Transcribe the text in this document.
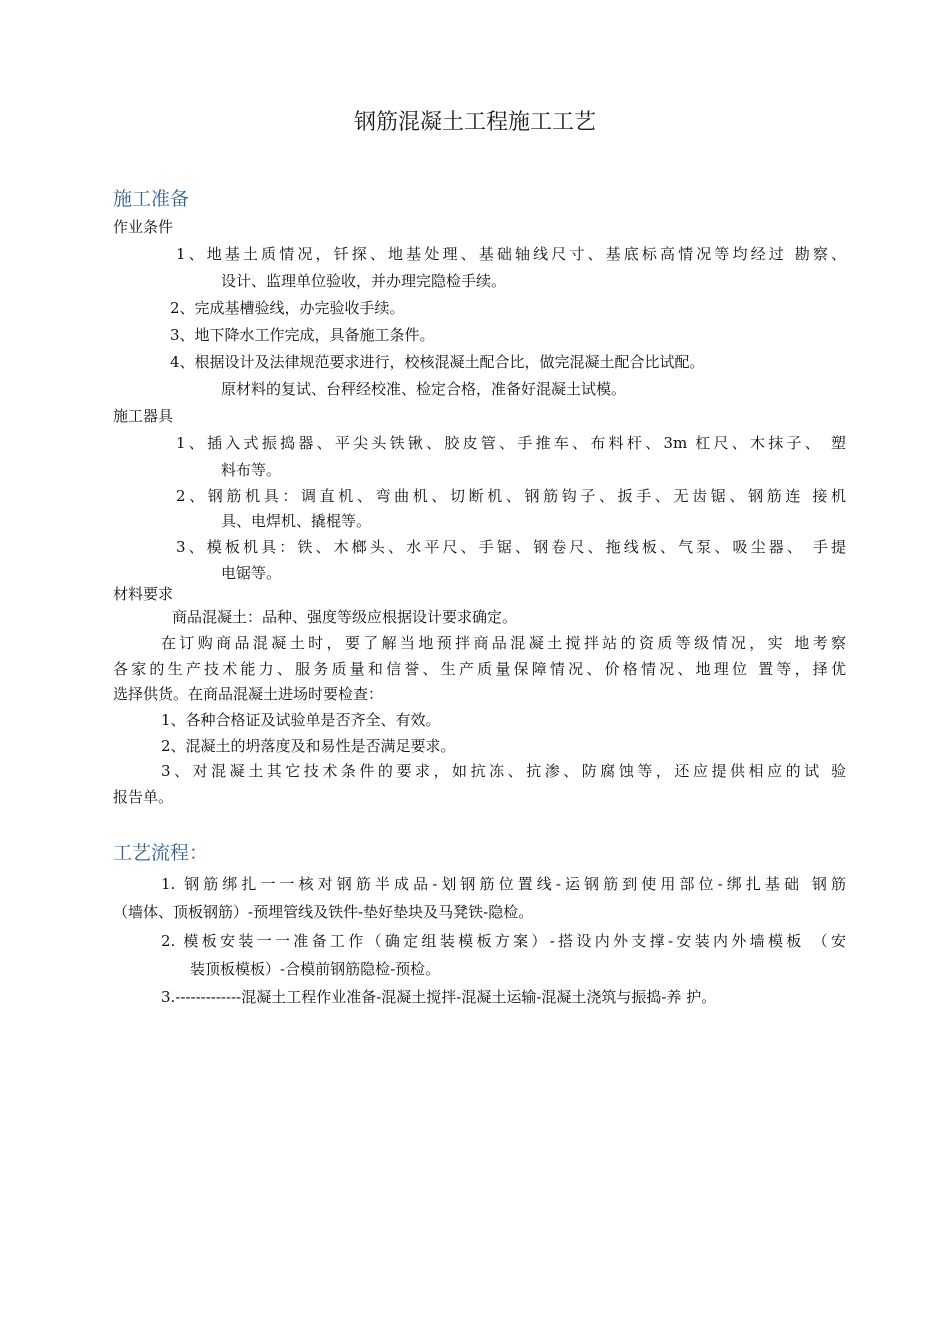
钢筋混凝土工程施工工艺
施工准备
作业条件
1、地基土质情况，钎探、地基处理、基础轴线尺寸、基底标高情况等均经过 勘察、
设计、监理单位验收，并办理完隐检手续。
2、完成基槽验线，办完验收手续。
3、地下降水工作完成，具备施工条件。
4、根据设计及法律规范要求进行，校核混凝土配合比，做完混凝土配合比试配。
原材料的复试、台秤经校准、检定合格，准备好混凝土试模。
施工器具
1、插入式振捣器、平尖头铁锹、胶皮管、手推车、布料杆、3m 杠尺、木抹子、 塑
料布等。
2、钢筋机具：调直机、弯曲机、切断机、钢筋钩子、扳手、无齿锯、钢筋连 接机
具、电焊机、撬棍等。
3、模板机具：铁、木榔头、水平尺、手锯、钢卷尺、拖线板、气泵、吸尘器、 手提
电锯等。
材料要求
商品混凝土：品种、强度等级应根据设计要求确定。
在订购商品混凝土时，要了解当地预拌商品混凝土搅拌站的资质等级情况，实 地考察
各家的生产技术能力、服务质量和信誉、生产质量保障情况、价格情况、地理位 置等，择优
选择供货。在商品混凝土进场时要检查：
1、各种合格证及试验单是否齐全、有效。
2、混凝土的坍落度及和易性是否满足要求。
3、对混凝土其它技术条件的要求，如抗冻、抗渗、防腐蚀等，还应提供相应的试 验
报告单。
工艺流程：
1. 钢筋绑扎一一核对钢筋半成品-划钢筋位置线-运钢筋到使用部位-绑扎基础 钢筋
（墙体、顶板钢筋）-预埋管线及铁件-垫好垫块及马凳铁-隐检。
2. 模板安装一一准备工作（确定组装模板方案）-搭设内外支撑-安装内外墙模板 （安
装顶板模板）-合模前钢筋隐检-预检。
3.-------------混凝土工程作业准备-混凝土搅拌-混凝土运输-混凝土浇筑与振捣-养 护。
